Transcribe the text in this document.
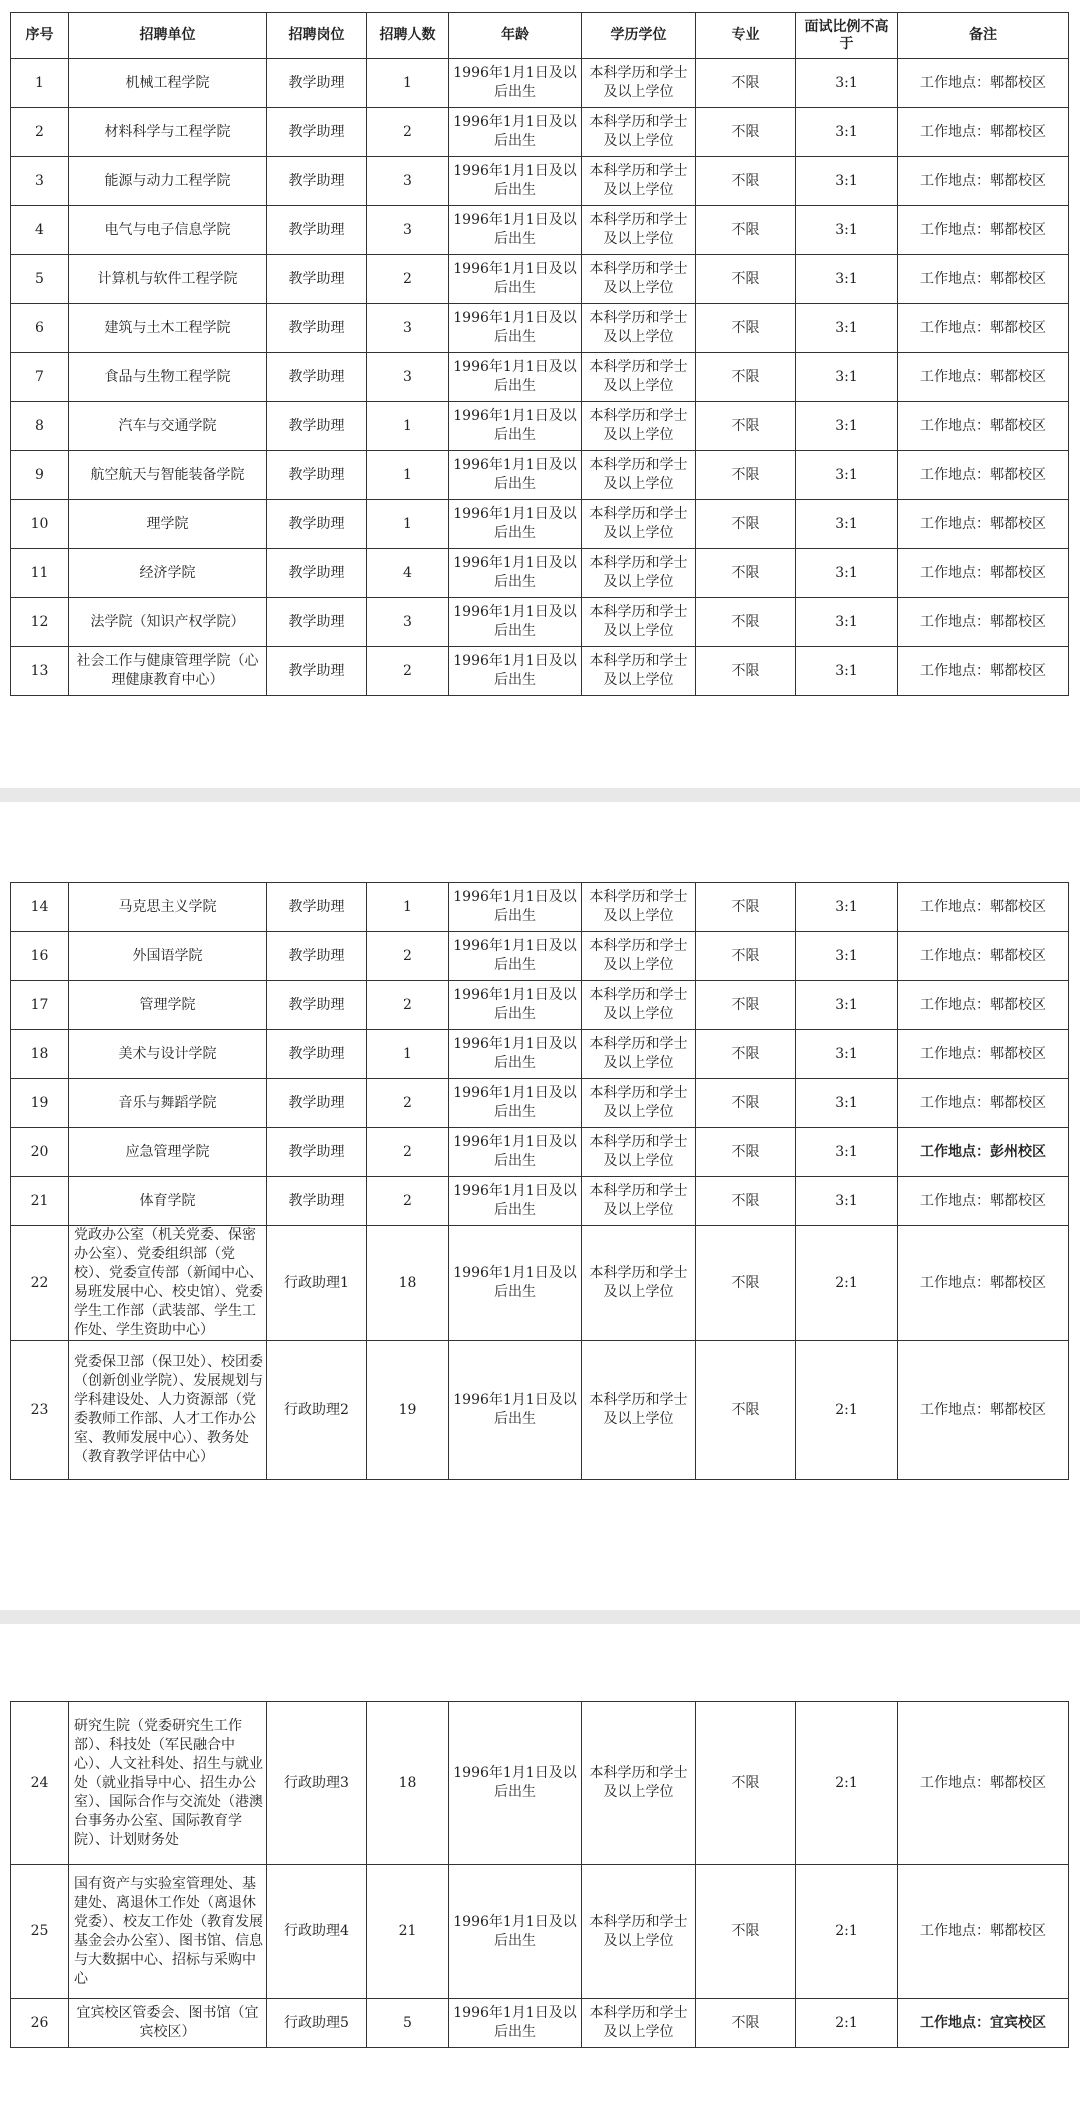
序号	招聘单位	招聘岗位	招聘人数	年龄	学历学位	专业	面试比例不高于	备注
1	机械工程学院	教学助理	1	1996年1月1日及以后出生	本科学历和学士及以上学位	不限	3:1	工作地点：郫都校区
2	材料科学与工程学院	教学助理	2	1996年1月1日及以后出生	本科学历和学士及以上学位	不限	3:1	工作地点：郫都校区
3	能源与动力工程学院	教学助理	3	1996年1月1日及以后出生	本科学历和学士及以上学位	不限	3:1	工作地点：郫都校区
4	电气与电子信息学院	教学助理	3	1996年1月1日及以后出生	本科学历和学士及以上学位	不限	3:1	工作地点：郫都校区
5	计算机与软件工程学院	教学助理	2	1996年1月1日及以后出生	本科学历和学士及以上学位	不限	3:1	工作地点：郫都校区
6	建筑与土木工程学院	教学助理	3	1996年1月1日及以后出生	本科学历和学士及以上学位	不限	3:1	工作地点：郫都校区
7	食品与生物工程学院	教学助理	3	1996年1月1日及以后出生	本科学历和学士及以上学位	不限	3:1	工作地点：郫都校区
8	汽车与交通学院	教学助理	1	1996年1月1日及以后出生	本科学历和学士及以上学位	不限	3:1	工作地点：郫都校区
9	航空航天与智能装备学院	教学助理	1	1996年1月1日及以后出生	本科学历和学士及以上学位	不限	3:1	工作地点：郫都校区
10	理学院	教学助理	1	1996年1月1日及以后出生	本科学历和学士及以上学位	不限	3:1	工作地点：郫都校区
11	经济学院	教学助理	4	1996年1月1日及以后出生	本科学历和学士及以上学位	不限	3:1	工作地点：郫都校区
12	法学院（知识产权学院）	教学助理	3	1996年1月1日及以后出生	本科学历和学士及以上学位	不限	3:1	工作地点：郫都校区
13	社会工作与健康管理学院（心理健康教育中心）	教学助理	2	1996年1月1日及以后出生	本科学历和学士及以上学位	不限	3:1	工作地点：郫都校区
14	马克思主义学院	教学助理	1	1996年1月1日及以后出生	本科学历和学士及以上学位	不限	3:1	工作地点：郫都校区
16	外国语学院	教学助理	2	1996年1月1日及以后出生	本科学历和学士及以上学位	不限	3:1	工作地点：郫都校区
17	管理学院	教学助理	2	1996年1月1日及以后出生	本科学历和学士及以上学位	不限	3:1	工作地点：郫都校区
18	美术与设计学院	教学助理	1	1996年1月1日及以后出生	本科学历和学士及以上学位	不限	3:1	工作地点：郫都校区
19	音乐与舞蹈学院	教学助理	2	1996年1月1日及以后出生	本科学历和学士及以上学位	不限	3:1	工作地点：郫都校区
20	应急管理学院	教学助理	2	1996年1月1日及以后出生	本科学历和学士及以上学位	不限	3:1	工作地点：彭州校区
21	体育学院	教学助理	2	1996年1月1日及以后出生	本科学历和学士及以上学位	不限	3:1	工作地点：郫都校区
22	党政办公室（机关党委、保密办公室）、党委组织部（党校）、党委宣传部（新闻中心、易班发展中心、校史馆）、党委学生工作部（武装部、学生工作处、学生资助中心）	行政助理1	18	1996年1月1日及以后出生	本科学历和学士及以上学位	不限	2:1	工作地点：郫都校区
23	党委保卫部（保卫处）、校团委（创新创业学院）、发展规划与学科建设处、人力资源部（党委教师工作部、人才工作办公室、教师发展中心）、教务处（教育教学评估中心）	行政助理2	19	1996年1月1日及以后出生	本科学历和学士及以上学位	不限	2:1	工作地点：郫都校区
24	研究生院（党委研究生工作部）、科技处（军民融合中心）、人文社科处、招生与就业处（就业指导中心、招生办公室）、国际合作与交流处（港澳台事务办公室、国际教育学院）、计划财务处	行政助理3	18	1996年1月1日及以后出生	本科学历和学士及以上学位	不限	2:1	工作地点：郫都校区
25	国有资产与实验室管理处、基建处、离退休工作处（离退休党委）、校友工作处（教育发展基金会办公室）、图书馆、信息与大数据中心、招标与采购中心	行政助理4	21	1996年1月1日及以后出生	本科学历和学士及以上学位	不限	2:1	工作地点：郫都校区
26	宜宾校区管委会、图书馆（宜宾校区）	行政助理5	5	1996年1月1日及以后出生	本科学历和学士及以上学位	不限	2:1	工作地点：宜宾校区
